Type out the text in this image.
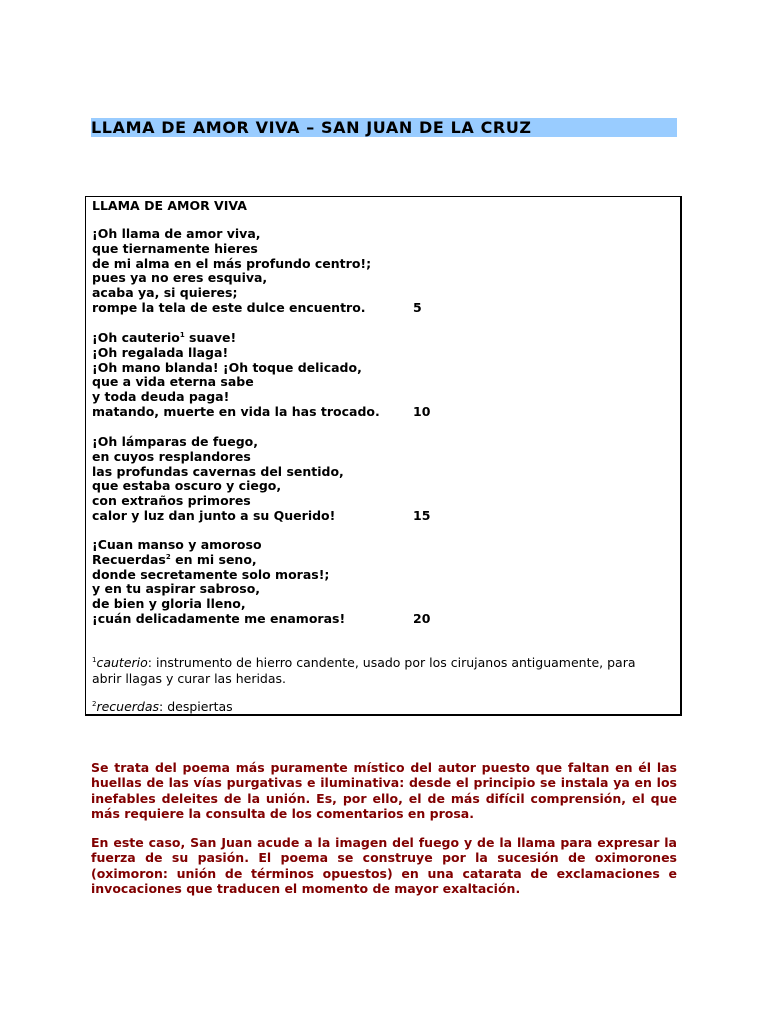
LLAMA DE AMOR VIVA – SAN JUAN DE LA CRUZ
LLAMA DE AMOR VIVA
¡Oh llama de amor viva,
que tiernamente hieres
de mi alma en el más profundo centro!;
pues ya no eres esquiva,
acaba ya, si quieres;
rompe la tela de este dulce encuentro.	5
¡Oh cauterio$^1$ suave!
¡Oh regalada llaga!
¡Oh mano blanda! ¡Oh toque delicado,
que a vida eterna sabe
y toda deuda paga!
matando, muerte en vida la has trocado.	10
¡Oh lámparas de fuego,
en cuyos resplandores
las profundas cavernas del sentido,
que estaba oscuro y ciego,
con extraños primores
calor y luz dan junto a su Querido!	15
¡Cuan manso y amoroso
Recuerdas$^2$ en mi seno,
donde secretamente solo moras!;
y en tu aspirar sabroso,
de bien y gloria lleno,
¡cuán delicadamente me enamoras!	20
$^1$cauterio: instrumento de hierro candente, usado por los cirujanos antiguamente, para abrir llagas y curar las heridas.
$^2$recuerdas: despiertas

Se trata del poema más puramente místico del autor puesto que faltan en él las huellas de las vías purgativas e iluminativa: desde el principio se instala ya en los inefables deleites de la unión. Es, por ello, el de más difícil comprensión, el que más requiere la consulta de los comentarios en prosa.

En este caso, San Juan acude a la imagen del fuego y de la llama para expresar la fuerza de su pasión. El poema se construye por la sucesión de oximorones (oximoron: unión de términos opuestos) en una catarata de exclamaciones e invocaciones que traducen el momento de mayor exaltación.
